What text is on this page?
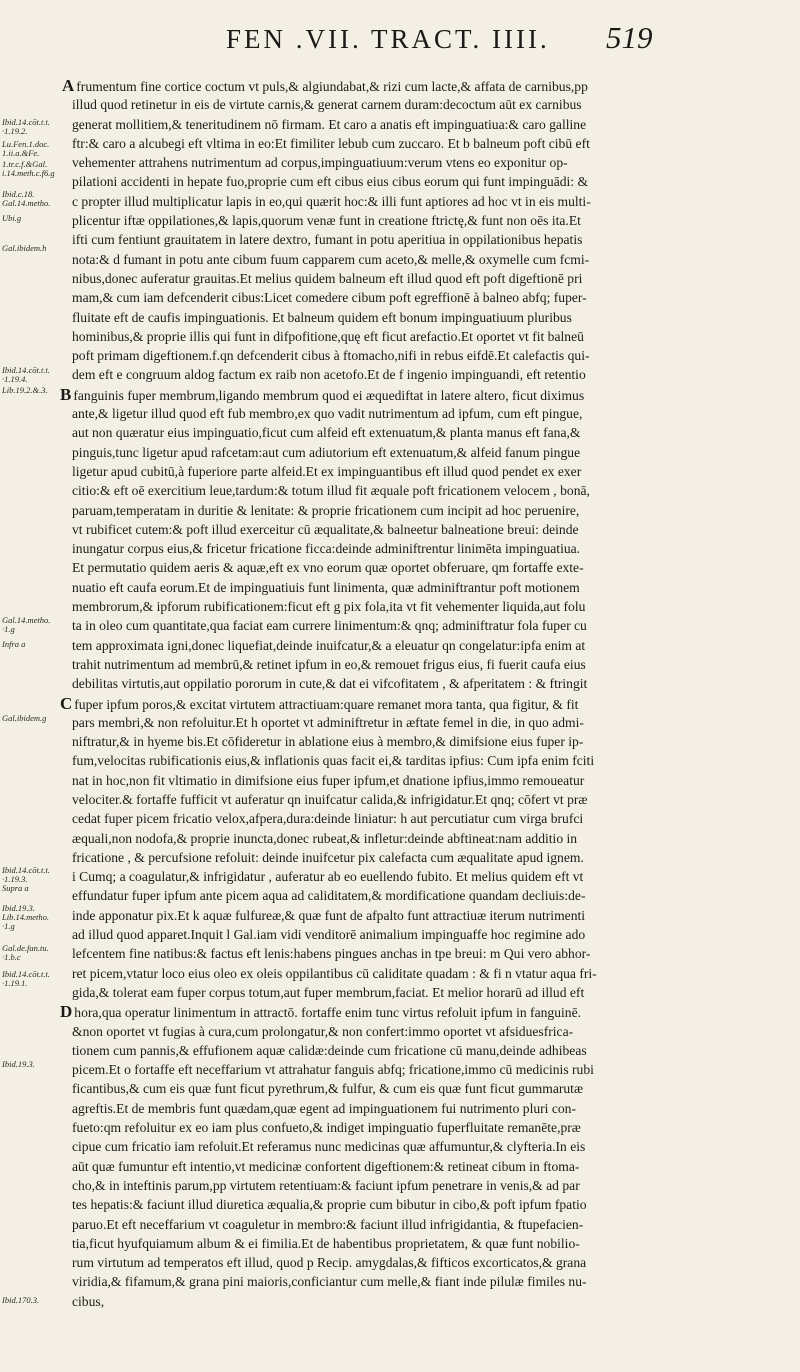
FEN .VII. TRACT. IIII. 519
Ibid.14.cōt.t.t.
·1.19.2.
Lu.Fen.1.doc.
1.ii.a.&Fe.
1.tr.c.f.&Gal.
i.14.meth.c.f6.g
Ibid.c.18.
Gal.14.metho.
Ubi.g
Gal.ibidem.h
Ibid.14.cōt.t.t.
·1.19.4.
Lib.19.2.&.3.
Gal.14.metho.
·1.g
Infra a
Gal.ibidem.g
Ibid.14.cōt.t.t.
·1.19.3.
Supra a
Ibid.19.3.
Lib.14.metho.
·1.g
Gal.de.fan.tu.
·1.b.c
Ibid.14.cōt.t.t.
·1.19.1.
Ibid.19.3.
Ibid.170.3.
A frumentum fine cortice coctum vt puls,& algiundabat,& rizi cum lacte,& affata de carnibus,pp
illud quod retinetur in eis de virtute carnis,& generat carnem duram:decoctum aūt ex carnibus
generat mollitiem,& teneritudinem nō firmam. Et caro a anatis eft impinguatiua:& caro galline
ftr:& caro a alcubegi eft vltima in eo:Et fimiliter lebub cum zuccaro. Et b balneum poft cibū eft
vehementer attrahens nutrimentum ad corpus,impinguatiuum:verum vtens eo exponitur op-
pilationi accidenti in hepate fuo,proprie cum eft cibus eius cibus eorum qui funt impinguādi: &
c propter illud multiplicatur lapis in eo,qui quærit hoc:& illi funt aptiores ad hoc vt in eis multi-
plicentur iftæ oppilationes,& lapis,quorum venæ funt in creatione ftrictę,& funt non oēs ita.Et
ifti cum fentiunt grauitatem in latere dextro, fumant in potu aperitiua in oppilationibus hepatis
nota:& d fumant in potu ante cibum fuum capparem cum aceto,& melle,& oxymelle cum fcmi-
nibus,donec auferatur grauitas.Et melius quidem balneum eft illud quod eft poft digeftionē pri
mam,& cum iam defcenderit cibus:Licet comedere cibum poft egreffionē à balneo abfq; fuper-
fluitate eft de caufis impinguationis. Et balneum quidem eft bonum impinguatiuum pluribus
hominibus,& proprie illis qui funt in difpofitione,quę eft ficut arefactio.Et oportet vt fit balneū
poft primam digeftionem.f.qn defcenderit cibus à ftomacho,nifi in rebus eifdē.Et calefactis qui-
dem eft e congruum aldog factum ex raib non acetofo.Et de f ingenio impinguandi, eft retentio
B fanguinis fuper membrum,ligando membrum quod ei æquediftat in latere altero, ficut diximus
ante,& ligetur illud quod eft fub membro,ex quo vadit nutrimentum ad ipfum, cum eft pingue,
aut non quæratur eius impinguatio,ficut cum alfeid eft extenuatum,& planta manus eft fana,&
pinguis,tunc ligetur apud rafcetam:aut cum adiutorium eft extenuatum,& alfeid fanum pingue
ligetur apud cubitū,à fuperiore parte alfeid.Et ex impinguantibus eft illud quod pendet ex exer
citio:& eft oē exercitium leue,tardum:& totum illud fit æquale poft fricationem velocem , bonā,
paruam,temperatam in duritie & lenitate: & proprie fricationem cum incipit ad hoc peruenire,
vt rubificet cutem:& poft illud exerceitur cū æqualitate,& balneetur balneatione breui: deinde
inungatur corpus eius,& fricetur fricatione ficca:deinde adminiftrentur linimēta impinguatiua.
Et permutatio quidem aeris & aquæ,eft ex vno eorum quæ oportet obferuare, qm fortaffe exte-
nuatio eft caufa eorum.Et de impinguatiuis funt linimenta, quæ adminiftrantur poft motionem
membrorum,& ipforum rubificationem:ficut eft g pix fola,ita vt fit vehementer liquida,aut folu
ta in oleo cum quantitate,qua faciat eam currere linimentum:& qnq; adminiftratur fola fuper cu
tem approximata igni,donec liquefiat,deinde inuifcatur,& a eleuatur qn congelatur:ipfa enim at
trahit nutrimentum ad membrū,& retinet ipfum in eo,& remouet frigus eius, fi fuerit caufa eius
debilitas virtutis,aut oppilatio pororum in cute,& dat ei vifcofitatem , & afperitatem : & ftringit
C fuper ipfum poros,& excitat virtutem attractiuam:quare remanet mora tanta, qua figitur, & fit
pars membri,& non refoluitur.Et h oportet vt adminiftretur in æftate femel in die, in quo admi-
niftratur,& in hyeme bis.Et cōfideretur in ablatione eius à membro,& dimifsione eius fuper ip-
fum,velocitas rubificationis eius,& inflationis quas facit ei,& tarditas ipfius: Cum ipfa enim fciti
nat in hoc,non fit vltimatio in dimifsione eius fuper ipfum,et dnatione ipfius,immo remoueatur
velociter.& fortaffe fufficit vt auferatur qn inuifcatur calida,& infrigidatur.Et qnq; cōfert vt præ
cedat fuper picem fricatio velox,afpera,dura:deinde liniatur: h aut percutiatur cum virga brufci
æquali,non nodofa,& proprie inuncta,donec rubeat,& infletur:deinde abftineat:nam additio in
fricatione , & percufsione refoluit: deinde inuifcetur pix calefacta cum æqualitate apud ignem.
i Cumq; a coagulatur,& infrigidatur , auferatur ab eo euellendo fubito. Et melius quidem eft vt
effundatur fuper ipfum ante picem aqua ad caliditatem,& mordificatione quandam decliuis:de-
inde apponatur pix.Et k aquæ fulfureæ,& quæ funt de afpalto funt attractiuæ iterum nutrimenti
ad illud quod apparet.Inquit l Gal.iam vidi venditorē animalium impinguaffe hoc regimine ado
lefcentem fine natibus:& factus eft lenis:habens pingues anchas in tpe breui: m Qui vero abhor-
ret picem,vtatur loco eius oleo ex oleis oppilantibus cū caliditate quadam : & fi n vtatur aqua fri-
gida,& tolerat eam fuper corpus totum,aut fuper membrum,faciat. Et melior horarū ad illud eft
D hora,qua operatur linimentum in attractō. fortaffe enim tunc virtus refoluit ipfum in fanguinē.
&non oportet vt fugias à cura,cum prolongatur,& non confert:immo oportet vt afsiduesfrica-
tionem cum pannis,& effufionem aquæ calidæ:deinde cum fricatione cū manu,deinde adhibeas
picem.Et o fortaffe eft neceffarium vt attrahatur fanguis abfq; fricatione,immo cū medicinis rubi
ficantibus,& cum eis quæ funt ficut pyrethrum,& fulfur, & cum eis quæ funt ficut gummarutæ
agreftis.Et de membris funt quædam,quæ egent ad impinguationem fui nutrimento pluri con-
fueto:qm refoluitur ex eo iam plus confueto,& indiget impinguatio fuperfluitate remanēte,præ
cipue cum fricatio iam refoluit.Et referamus nunc medicinas quæ affumuntur,& clyfteria.In eis
aūt quæ fumuntur eft intentio,vt medicinæ confortent digeftionem:& retineat cibum in ftoma-
cho,& in inteftinis parum,pp virtutem retentiuam:& faciunt ipfum penetrare in venis,& ad par
tes hepatis:& faciunt illud diuretica æqualia,& proprie cum bibutur in cibo,& poft ipfum fpatio
paruo.Et eft neceffarium vt coaguletur in membro:& faciunt illud infrigidantia, & ftupefacien-
tia,ficut hyufquiamum album & ei fimilia.Et de habentibus proprietatem, & quæ funt nobilio-
rum virtutum ad temperatos eft illud, quod p Recip. amygdalas,& fifticos excorticatos,& grana
viridia,& fifamum,& grana pini maioris,conficiantur cum melle,& fiant inde pilulæ fimiles nu-
cibus,
